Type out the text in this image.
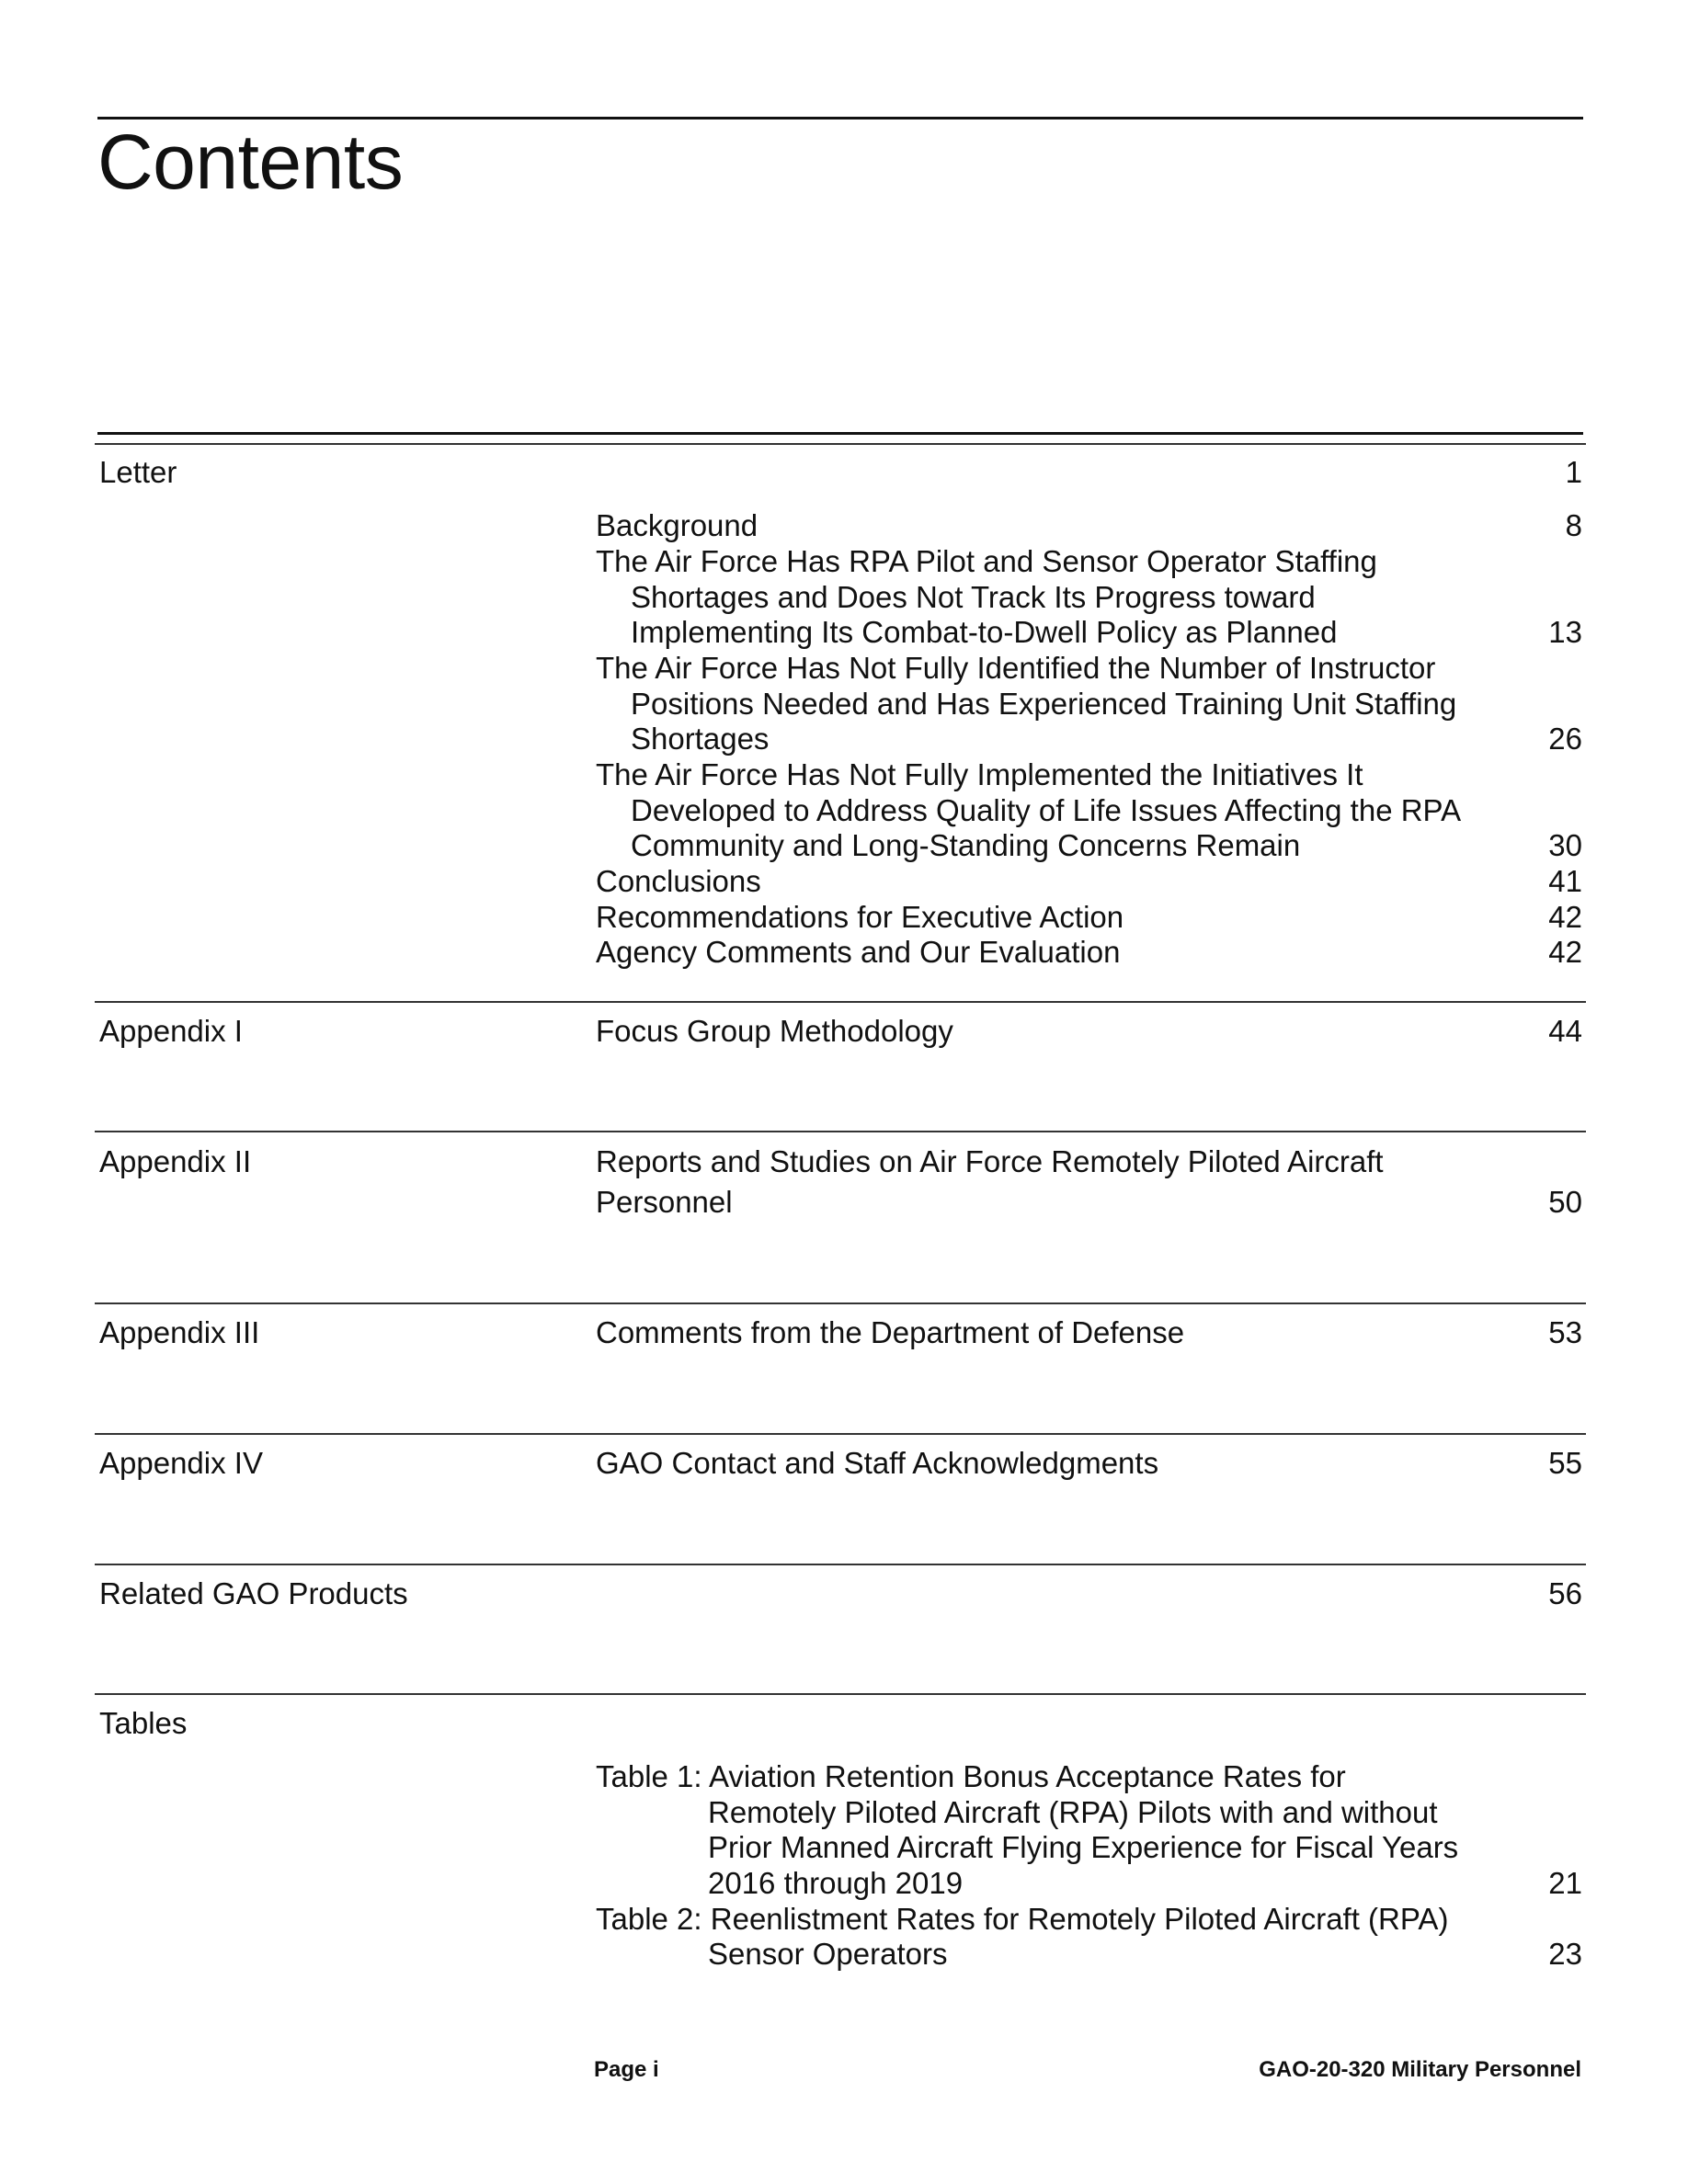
Contents
Letter	1
Background	8
The Air Force Has RPA Pilot and Sensor Operator Staffing
Shortages and Does Not Track Its Progress toward
Implementing Its Combat-to-Dwell Policy as Planned	13
The Air Force Has Not Fully Identified the Number of Instructor
Positions Needed and Has Experienced Training Unit Staffing
Shortages	26
The Air Force Has Not Fully Implemented the Initiatives It
Developed to Address Quality of Life Issues Affecting the RPA
Community and Long-Standing Concerns Remain	30
Conclusions	41
Recommendations for Executive Action	42
Agency Comments and Our Evaluation	42
Appendix I	Focus Group Methodology	44
Appendix II	Reports and Studies on Air Force Remotely Piloted Aircraft
Personnel	50
Appendix III	Comments from the Department of Defense	53
Appendix IV	GAO Contact and Staff Acknowledgments	55
Related GAO Products	56
Tables
Table 1: Aviation Retention Bonus Acceptance Rates for
Remotely Piloted Aircraft (RPA) Pilots with and without
Prior Manned Aircraft Flying Experience for Fiscal Years
2016 through 2019	21
Table 2: Reenlistment Rates for Remotely Piloted Aircraft (RPA)
Sensor Operators	23
Page i	GAO-20-320 Military Personnel
